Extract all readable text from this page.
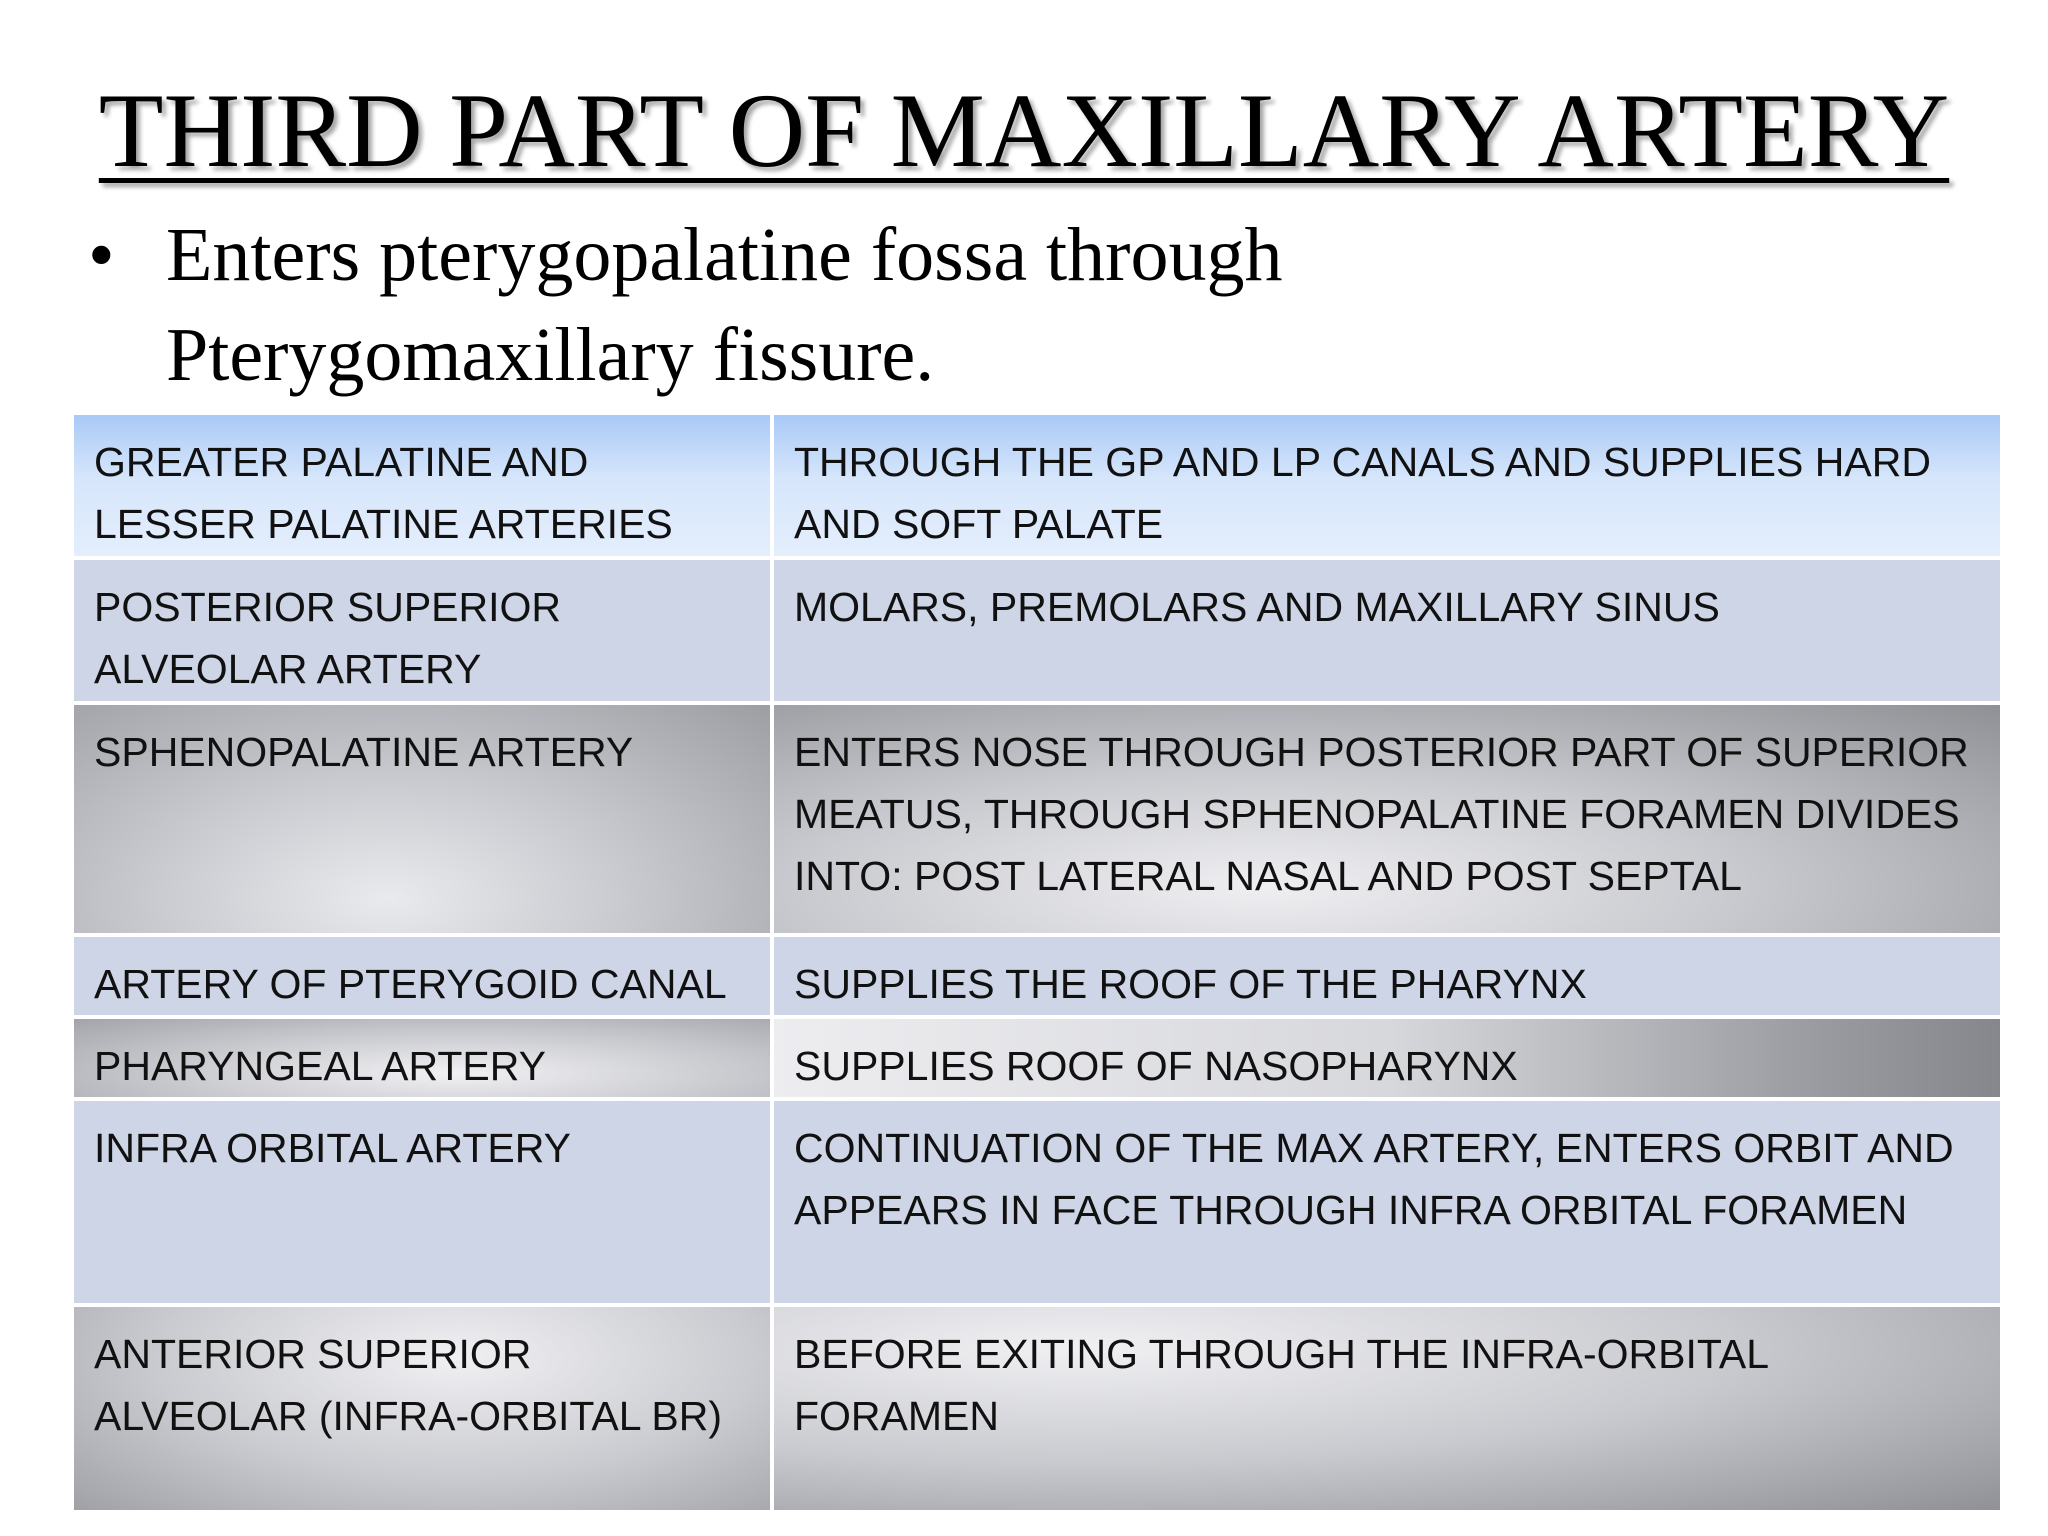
THIRD PART OF MAXILLARY ARTERY
• Enters pterygopalatine fossa through
Pterygomaxillary fissure.
GREATER PALATINE AND LESSER PALATINE ARTERIES	THROUGH THE GP AND LP CANALS AND SUPPLIES HARD AND SOFT PALATE
POSTERIOR SUPERIOR ALVEOLAR ARTERY	MOLARS, PREMOLARS AND MAXILLARY SINUS
SPHENOPALATINE ARTERY	ENTERS NOSE THROUGH POSTERIOR PART OF SUPERIOR MEATUS, THROUGH SPHENOPALATINE FORAMEN DIVIDES INTO: POST LATERAL NASAL AND POST SEPTAL
ARTERY OF PTERYGOID CANAL	SUPPLIES THE ROOF OF THE PHARYNX
PHARYNGEAL ARTERY	SUPPLIES ROOF OF NASOPHARYNX
INFRA ORBITAL ARTERY	CONTINUATION OF THE MAX ARTERY, ENTERS ORBIT AND APPEARS IN FACE THROUGH INFRA ORBITAL FORAMEN
ANTERIOR SUPERIOR ALVEOLAR (INFRA-ORBITAL BR)	BEFORE EXITING THROUGH THE INFRA-ORBITAL FORAMEN
